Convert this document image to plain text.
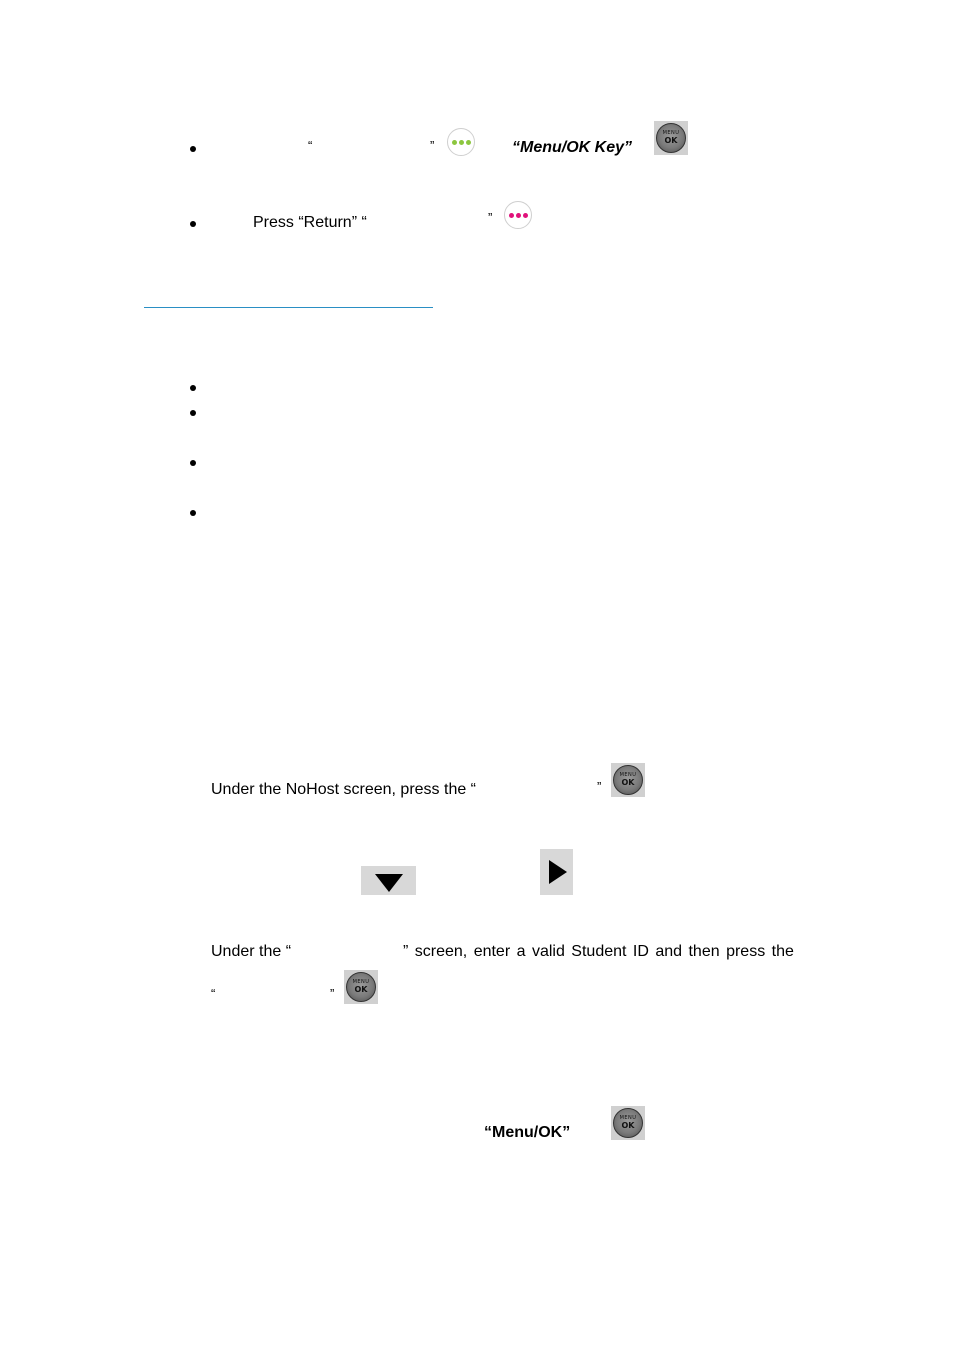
“	”	“Menu/OK Key”
MENU
OK
Press “Return” “	”
Under the NoHost screen, press the “	”
MENU
OK
Under the “	” screen, enter a valid Student ID and then press the
“	”
MENU
OK
“Menu/OK”
MENU
OK
